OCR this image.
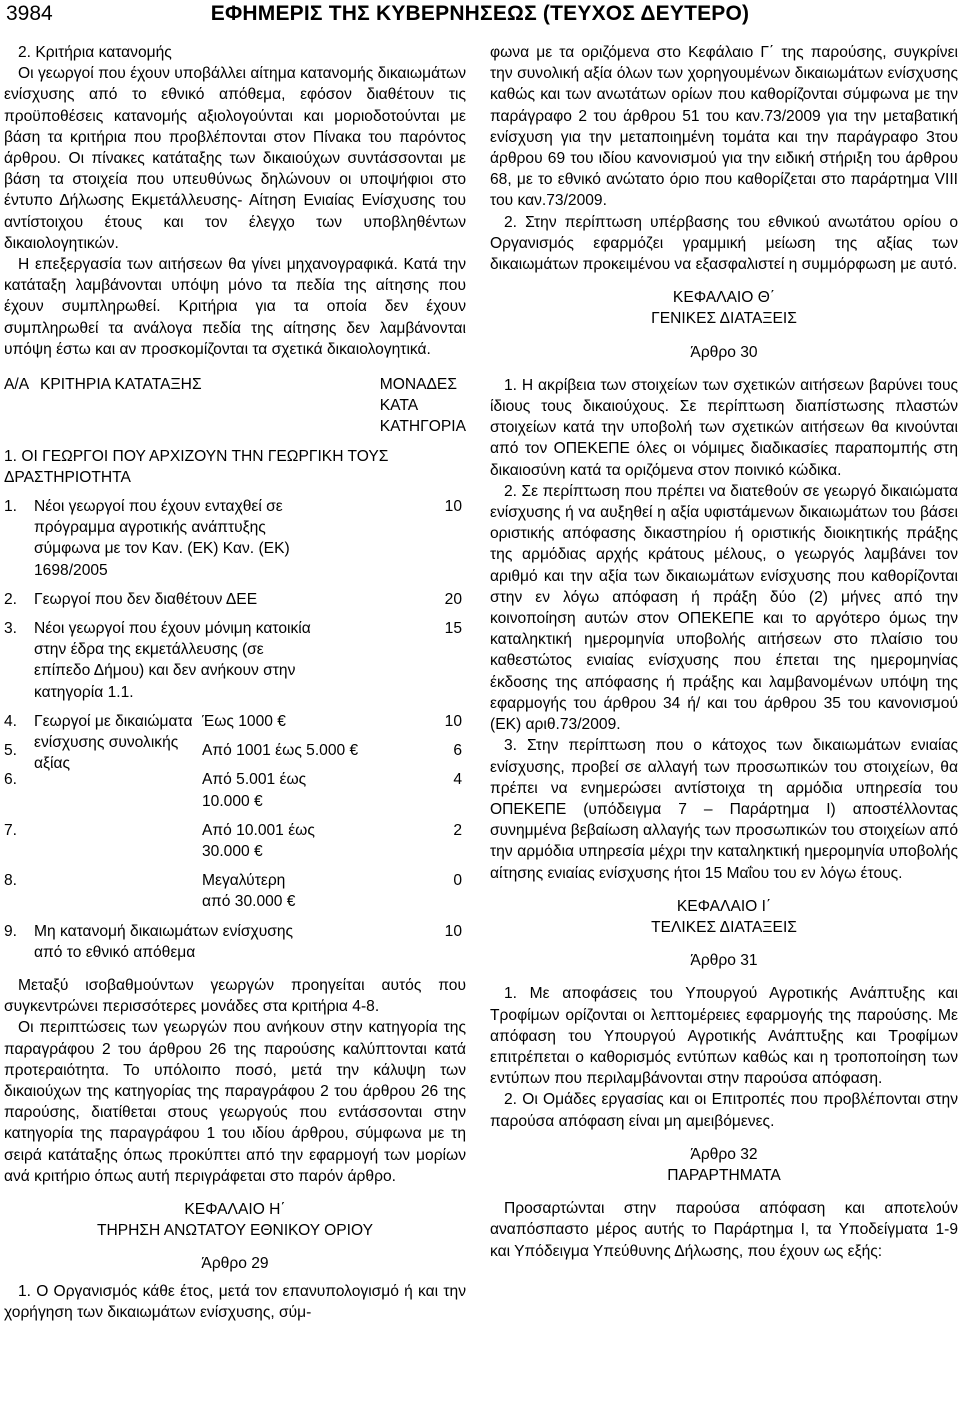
3984	ΕΦΗΜΕΡΙΣ ΤΗΣ ΚΥΒΕΡΝΗΣΕΩΣ (ΤΕΥΧΟΣ ΔΕΥΤΕΡΟ)

2. Κριτήρια κατανομής

Οι γεωργοί που έχουν υποβάλλει αίτημα κατανομής δικαιωμάτων ενίσχυσης από το εθνικό απόθεμα, εφόσον διαθέτουν τις προϋποθέσεις κατανομής αξιολογούνται και μοριοδοτούνται με βάση τα κριτήρια που προβλέπονται στον Πίνακα του παρόντος άρθρου. Οι πίνακες κατάταξης των δικαιούχων συντάσσονται με βάση τα στοιχεία που υπευθύνως δηλώνουν οι υποψήφιοι στο έντυπο Δήλωσης Εκμετάλλευσης- Αίτηση Ενιαίας Ενίσχυσης του αντίστοιχου έτους και τον έλεγχο των υποβληθέντων δικαιολογητικών.

Η επεξεργασία των αιτήσεων θα γίνει μηχανογραφικά. Κατά την κατάταξη λαμβάνονται υπόψη μόνο τα πεδία της αίτησης που έχουν συμπληρωθεί. Κριτήρια για τα οποία δεν έχουν συμπληρωθεί τα ανάλογα πεδία της αίτησης δεν λαμβάνονται υπόψη έστω και αν προσκομίζονται τα σχετικά δικαιολογητικά.

Α/Α	ΚΡΙΤΗΡΙΑ ΚΑΤΑΤΑΞΗΣ		ΜΟΝΑΔΕΣ ΚΑΤΑ ΚΑΤΗΓΟΡΙΑ
1. ΟΙ ΓΕΩΡΓΟΙ ΠΟΥ ΑΡΧΙΖΟΥΝ ΤΗΝ ΓΕΩΡΓΙΚΗ ΤΟΥΣ ΔΡΑΣΤΗΡΙΟΤΗΤΑ			
1.	Νέοι γεωργοί που έχουν ενταχθεί σε πρόγραμμα αγροτικής ανάπτυξης σύμφωνα με τον Καν. (ΕΚ) Καν. (ΕΚ) 1698/2005		10
2.	Γεωργοί που δεν διαθέτουν ΔΕΕ		20
3.	Νέοι γεωργοί που έχουν μόνιμη κατοικία στην έδρα της εκμετάλλευσης (σε επίπεδο Δήμου) και δεν ανήκουν στην κατηγορία 1.1.		15
4.	Γεωργοί με δικαιώματα ενίσχυσης συνολικής αξίας	Έως 1000 €	10
5.		Από 1001 έως 5.000 €	6
6.		Από 5.001 έως 10.000 €	4
7.		Από 10.001 έως 30.000 €	2
8.		Μεγαλύτερη από 30.000 €	0
9.	Μη κατανομή δικαιωμάτων ενίσχυσης από το εθνικό απόθεμα		10

Μεταξύ ισοβαθμούντων γεωργών προηγείται αυτός που συγκεντρώνει περισσότερες μονάδες στα κριτήρια 4-8.

Οι περιπτώσεις των γεωργών που ανήκουν στην κατηγορία της παραγράφου 2 του άρθρου 26 της παρούσης καλύπτονται κατά προτεραιότητα. Το υπόλοιπο ποσό, μετά την κάλυψη των δικαιούχων της κατηγορίας της παραγράφου 2 του άρθρου 26 της παρούσης, διατίθεται στους γεωργούς που εντάσσονται στην κατηγορία της παραγράφου 1 του ιδίου άρθρου, σύμφωνα με τη σειρά κατάταξης όπως προκύπτει από την εφαρμογή των μορίων ανά κριτήριο όπως αυτή περιγράφεται στο παρόν άρθρο.

ΚΕΦΑΛΑΙΟ Η΄

ΤΗΡΗΣΗ ΑΝΩΤΑΤΟΥ ΕΘΝΙΚΟΥ ΟΡΙΟΥ

Άρθρο 29

1. Ο Οργανισμός κάθε έτος, μετά τον επανυπολογισμό ή και την χορήγηση των δικαιωμάτων ενίσχυσης, σύμ-

φωνα με τα οριζόμενα στο Κεφάλαιο Γ΄ της παρούσης, συγκρίνει την συνολική αξία όλων των χορηγουμένων δικαιωμάτων ενίσχυσης καθώς και των ανωτάτων ορίων που καθορίζονται σύμφωνα με την παράγραφο 2 του άρθρου 51 του καν.73/2009 για την μεταβατική ενίσχυση για την μεταποιημένη τομάτα και την παράγραφο 3του άρθρου 69 του ιδίου κανονισμού για την ειδική στήριξη του άρθρου 68, με το εθνικό ανώτατο όριο που καθορίζεται στο παράρτημα VIII του καν.73/2009.

2. Στην περίπτωση υπέρβασης του εθνικού ανωτάτου ορίου ο Οργανισμός εφαρμόζει γραμμική μείωση της αξίας των δικαιωμάτων προκειμένου να εξασφαλιστεί η συμμόρφωση με αυτό.

ΚΕΦΑΛΑΙΟ Θ΄

ΓΕΝΙΚΕΣ ΔΙΑΤΑΞΕΙΣ

Άρθρο 30

1. Η ακρίβεια των στοιχείων των σχετικών αιτήσεων βαρύνει τους ίδιους τους δικαιούχους. Σε περίπτωση διαπίστωσης πλαστών στοιχείων κατά την υποβολή των σχετικών αιτήσεων θα κινούνται από τον ΟΠΕΚΕΠΕ όλες οι νόμιμες διαδικασίες παραπομπής στη δικαιοσύνη κατά τα οριζόμενα στον ποινικό κώδικα.

2. Σε περίπτωση που πρέπει να διατεθούν σε γεωργό δικαιώματα ενίσχυσης ή να αυξηθεί η αξία υφιστάμενων δικαιωμάτων του βάσει οριστικής απόφασης δικαστηρίου ή οριστικής διοικητικής πράξης της αρμόδιας αρχής κράτους μέλους, ο γεωργός λαμβάνει τον αριθμό και την αξία των δικαιωμάτων ενίσχυσης που καθορίζονται στην εν λόγω απόφαση ή πράξη δύο (2) μήνες από την κοινοποίηση αυτών στον ΟΠΕΚΕΠΕ και το αργότερο όμως την καταληκτική ημερομηνία υποβολής αιτήσεων στο πλαίσιο του καθεστώτος ενιαίας ενίσχυσης που έπεται της ημερομηνίας έκδοσης της απόφασης ή πράξης και λαμβανομένων υπόψη της εφαρμογής του άρθρου 34 ή/ και του άρθρου 35 του κανονισμού (ΕΚ) αριθ.73/2009.

3. Στην περίπτωση που ο κάτοχος των δικαιωμάτων ενιαίας ενίσχυσης, προβεί σε αλλαγή των προσωπικών του στοιχείων, θα πρέπει να ενημερώσει αντίστοιχα τη αρμόδια υπηρεσία του ΟΠΕΚΕΠΕ (υπόδειγμα 7 – Παράρτημα Ι) αποστέλλοντας συνημμένα βεβαίωση αλλαγής των προσωπικών του στοιχείων από την αρμόδια υπηρεσία μέχρι την καταληκτική ημερομηνία υποβολής αίτησης ενιαίας ενίσχυσης ήτοι 15 Μαΐου του εν λόγω έτους.

ΚΕΦΑΛΑΙΟ Ι΄

ΤΕΛΙΚΕΣ ΔΙΑΤΑΞΕΙΣ

Άρθρο 31

1. Με αποφάσεις του Υπουργού Αγροτικής Ανάπτυξης και Τροφίμων ορίζονται οι λεπτομέρειες εφαρμογής της παρούσης. Με απόφαση του Υπουργού Αγροτικής Ανάπτυξης και Τροφίμων επιτρέπεται ο καθορισμός εντύπων καθώς και η τροποποίηση των εντύπων που περιλαμβάνονται στην παρούσα απόφαση.

2. Οι Ομάδες εργασίας και οι Επιτροπές που προβλέπονται στην παρούσα απόφαση είναι μη αμειβόμενες.

Άρθρο 32

ΠΑΡΑΡΤΗΜΑΤΑ

Προσαρτώνται στην παρούσα απόφαση και αποτελούν αναπόσπαστο μέρος αυτής το Παράρτημα Ι, τα Υποδείγματα 1-9 και Υπόδειγμα Υπεύθυνης Δήλωσης, που έχουν ως εξής:
